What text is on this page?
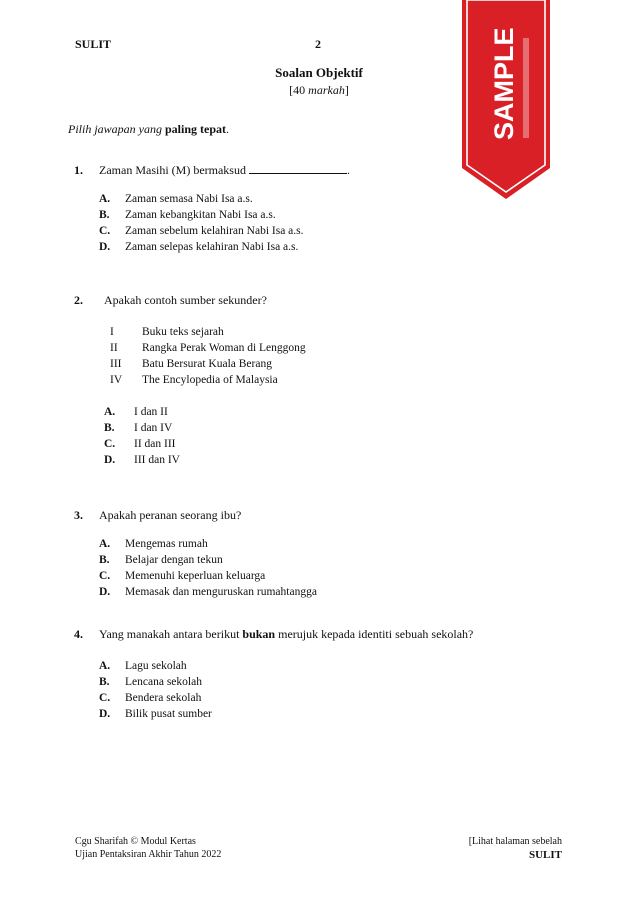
SULIT	2
Soalan Objektif
[40 markah]
Pilih jawapan yang paling tepat.
1. Zaman Masihi (M) bermaksud	.
A. Zaman semasa Nabi Isa a.s.
B. Zaman kebangkitan Nabi Isa a.s.
C. Zaman sebelum kelahiran Nabi Isa a.s.
D. Zaman selepas kelahiran Nabi Isa a.s.
2. Apakah contoh sumber sekunder?
I Buku teks sejarah
II Rangka Perak Woman di Lenggong
III Batu Bersurat Kuala Berang
IV The Encylopedia of Malaysia
A. I dan II
B. I dan IV
C. II dan III
D. III dan IV
3. Apakah peranan seorang ibu?
A. Mengemas rumah
B. Belajar dengan tekun
C. Memenuhi keperluan keluarga
D. Memasak dan menguruskan rumahtangga
4. Yang manakah antara berikut bukan merujuk kepada identiti sebuah sekolah?
A. Lagu sekolah
B. Lencana sekolah
C. Bendera sekolah
D. Bilik pusat sumber
Cgu Sharifah © Modul Kertas
Ujian Pentaksiran Akhir Tahun 2022
[Lihat halaman sebelah
SULIT
SAMPLE
